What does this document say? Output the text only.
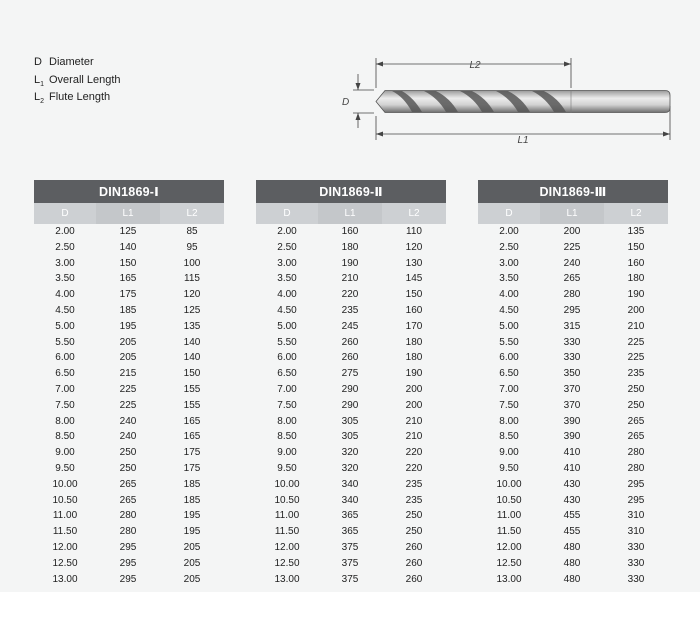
D Diameter
$L_1$ Overall Length
$L_2$ Flute Length
L2
L1
D
DIN1869-Ⅰ		
D	L1	L2
2.00	125	85
2.50	140	95
3.00	150	100
3.50	165	115
4.00	175	120
4.50	185	125
5.00	195	135
5.50	205	140
6.00	205	140
6.50	215	150
7.00	225	155
7.50	225	155
8.00	240	165
8.50	240	165
9.00	250	175
9.50	250	175
10.00	265	185
10.50	265	185
11.00	280	195
11.50	280	195
12.00	295	205
12.50	295	205
13.00	295	205
DIN1869-Ⅱ		
D	L1	L2
2.00	160	110
2.50	180	120
3.00	190	130
3.50	210	145
4.00	220	150
4.50	235	160
5.00	245	170
5.50	260	180
6.00	260	180
6.50	275	190
7.00	290	200
7.50	290	200
8.00	305	210
8.50	305	210
9.00	320	220
9.50	320	220
10.00	340	235
10.50	340	235
11.00	365	250
11.50	365	250
12.00	375	260
12.50	375	260
13.00	375	260
DIN1869-Ⅲ		
D	L1	L2
2.00	200	135
2.50	225	150
3.00	240	160
3.50	265	180
4.00	280	190
4.50	295	200
5.00	315	210
5.50	330	225
6.00	330	225
6.50	350	235
7.00	370	250
7.50	370	250
8.00	390	265
8.50	390	265
9.00	410	280
9.50	410	280
10.00	430	295
10.50	430	295
11.00	455	310
11.50	455	310
12.00	480	330
12.50	480	330
13.00	480	330
